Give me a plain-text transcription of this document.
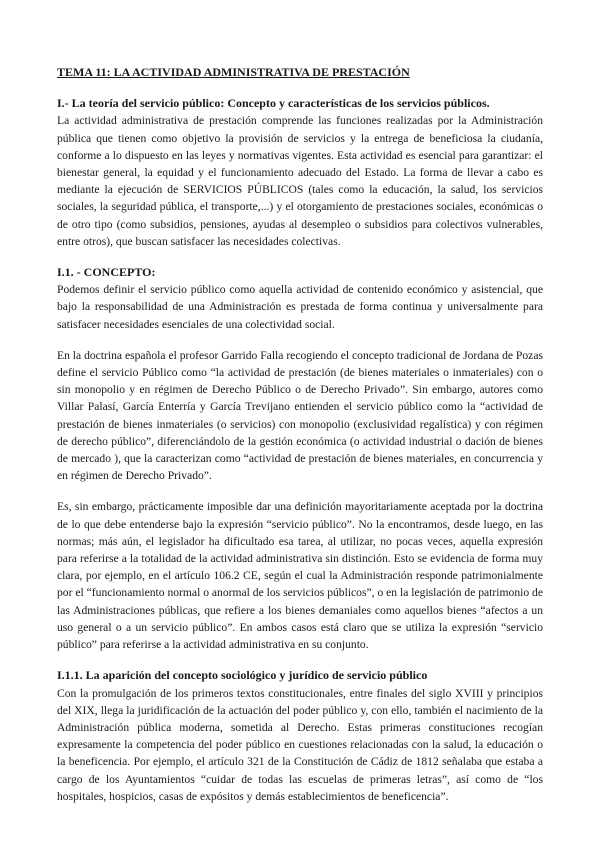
TEMA 11: LA ACTIVIDAD ADMINISTRATIVA DE PRESTACIÓN
I.- La teoría del servicio público: Concepto y características de los servicios públicos.

La actividad administrativa de prestación comprende las funciones realizadas por la Administración pública que tienen como objetivo la provisión de servicios y la entrega de beneficiosa la ciudanía, conforme a lo dispuesto en las leyes y normativas vigentes. Esta actividad es esencial para garantizar: el bienestar general, la equidad y el funcionamiento adecuado del Estado. La forma de llevar a cabo es mediante la ejecución de SERVICIOS PÚBLICOS (tales como la educación, la salud, los servicios sociales, la seguridad pública, el transporte,...) y el otorgamiento de prestaciones sociales, económicas o de otro tipo (como subsidios, pensiones, ayudas al desempleo o subsidios para colectivos vulnerables, entre otros), que buscan satisfacer las necesidades colectivas.

I.1. - CONCEPTO:

Podemos definir el servicio público como aquella actividad de contenido económico y asistencial, que bajo la responsabilidad de una Administración es prestada de forma continua y universalmente para satisfacer necesidades esenciales de una colectividad social.

En la doctrina española el profesor Garrido Falla recogiendo el concepto tradicional de Jordana de Pozas define el servicio Público como “la actividad de prestación (de bienes materiales o inmateriales) con o sin monopolio y en régimen de Derecho Público o de Derecho Privado”. Sin embargo, autores como Villar Palasí, García Enterría y García Trevijano entienden el servicio público como la “actividad de prestación de bienes inmateriales (o servicios) con monopolio (exclusividad regalística) y con régimen de derecho público”, diferenciándolo de la gestión económica (o actividad industrial o dación de bienes de mercado ), que la caracterizan como “actividad de prestación de bienes materiales, en concurrencia y en régimen de Derecho Privado”.

Es, sin embargo, prácticamente imposible dar una definición mayoritariamente aceptada por la doctrina de lo que debe entenderse bajo la expresión “servicio público”. No la encontramos, desde luego, en las normas; más aún, el legislador ha dificultado esa tarea, al utilizar, no pocas veces, aquella expresión para referirse a la totalidad de la actividad administrativa sin distinción. Esto se evidencia de forma muy clara, por ejemplo, en el artículo 106.2 CE, según el cual la Administración responde patrimonialmente por el “funcionamiento normal o anormal de los servicios públicos”, o en la legislación de patrimonio de las Administraciones públicas, que refiere a los bienes demaniales como aquellos bienes “afectos a un uso general o a un servicio público”. En ambos casos está claro que se utiliza la expresión “servicio público” para referirse a la actividad administrativa en su conjunto.

I.1.1. La aparición del concepto sociológico y jurídico de servicio público

Con la promulgación de los primeros textos constitucionales, entre finales del siglo XVIII y principios del XIX, llega la juridificación de la actuación del poder público y, con ello, también el nacimiento de la Administración pública moderna, sometida al Derecho. Estas primeras constituciones recogían expresamente la competencia del poder público en cuestiones relacionadas con la salud, la educación o la beneficencia. Por ejemplo, el artículo 321 de la Constitución de Cádiz de 1812 señalaba que estaba a cargo de los Ayuntamientos “cuidar de todas las escuelas de primeras letras”, así como de “los hospitales, hospicios, casas de expósitos y demás establecimientos de beneficencia”.
